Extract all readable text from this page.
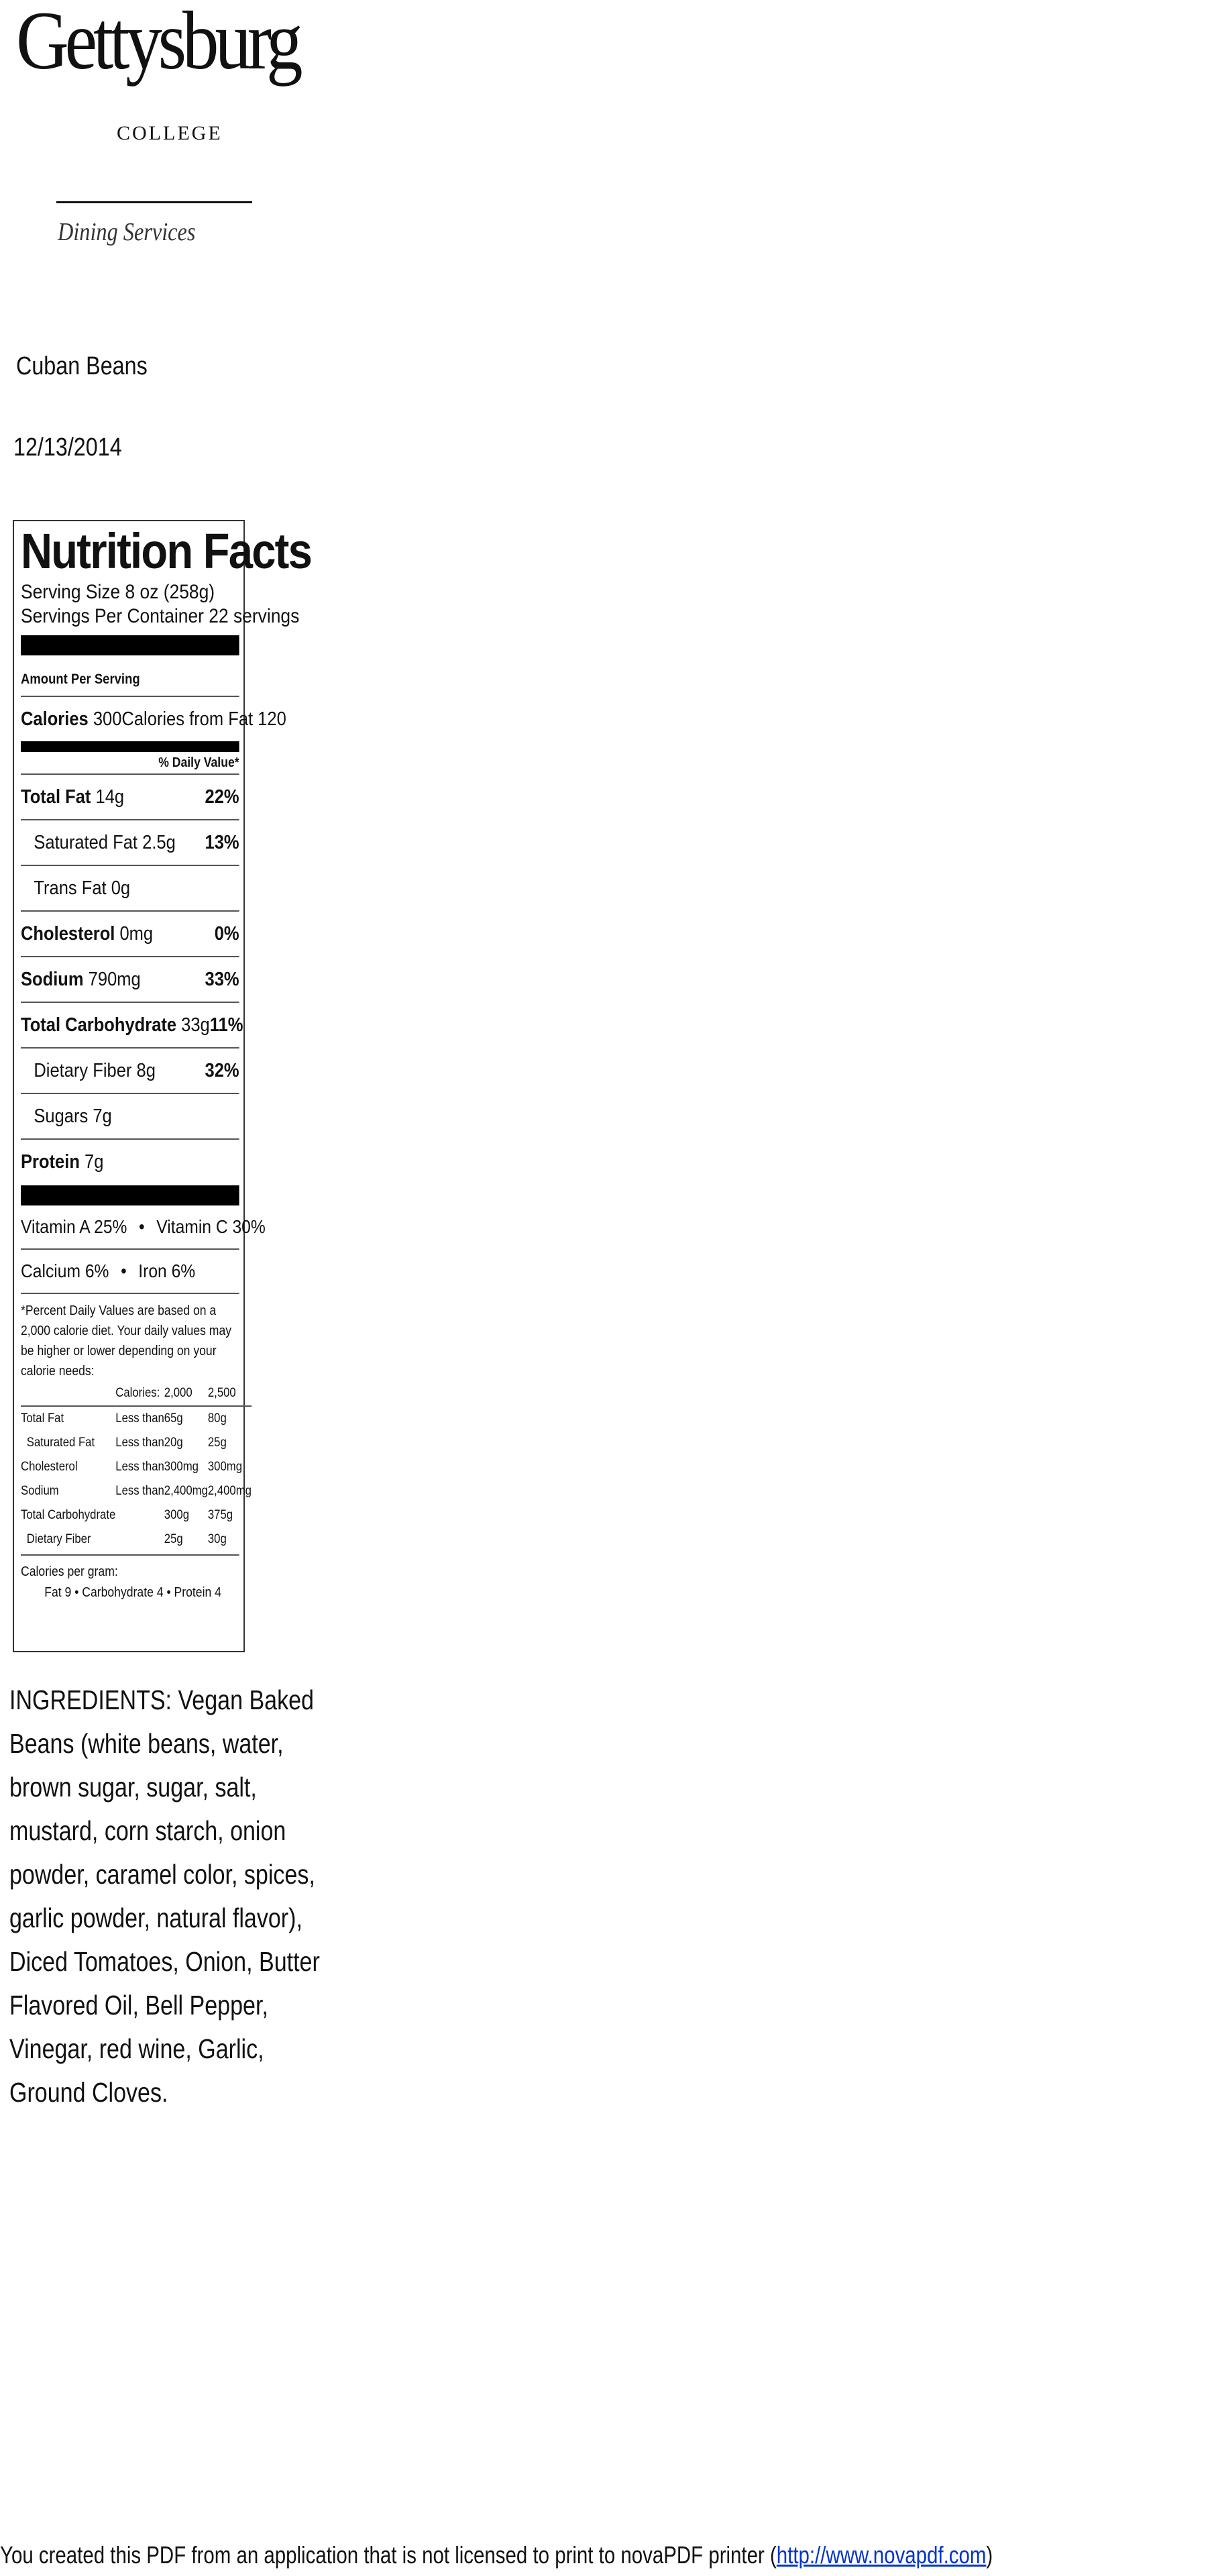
Gettysburg
COLLEGE
Dining Services
Cuban Beans
12/13/2014
Nutrition Facts
Serving Size 8 oz (258g)
Servings Per Container 22 servings
Amount Per Serving
Calories 300 Calories from Fat 120
% Daily Value*
Total Fat 14g	22%
Saturated Fat 2.5g 13%
Trans Fat 0g
Cholesterol 0mg	0%
Sodium 790mg	33%
Total Carbohydrate 33g 11%
Dietary Fiber 8g	32%
Sugars 7g
Protein 7g
Vitamin A 25% • Vitamin C 30%
Calcium 6% • Iron 6%
*Percent Daily Values are based on a 2,000 calorie diet. Your daily values may be higher or lower depending on your calorie needs:
	Calories:	2,000	2,500
Total Fat	Less than	65g	80g
Saturated Fat	Less than	20g	25g
Cholesterol	Less than	300mg	300mg
Sodium	Less than	2,400mg	2,400mg
Total Carbohydrate		300g	375g
Dietary Fiber		25g	30g
Calories per gram:
Fat 9 • Carbohydrate 4 • Protein 4
INGREDIENTS: Vegan Baked Beans (white beans, water, brown sugar, sugar, salt, mustard, corn starch, onion powder, caramel color, spices, garlic powder, natural flavor), Diced Tomatoes, Onion, Butter Flavored Oil, Bell Pepper, Vinegar, red wine, Garlic, Ground Cloves.
You created this PDF from an application that is not licensed to print to novaPDF printer (http://www.novapdf.com)
